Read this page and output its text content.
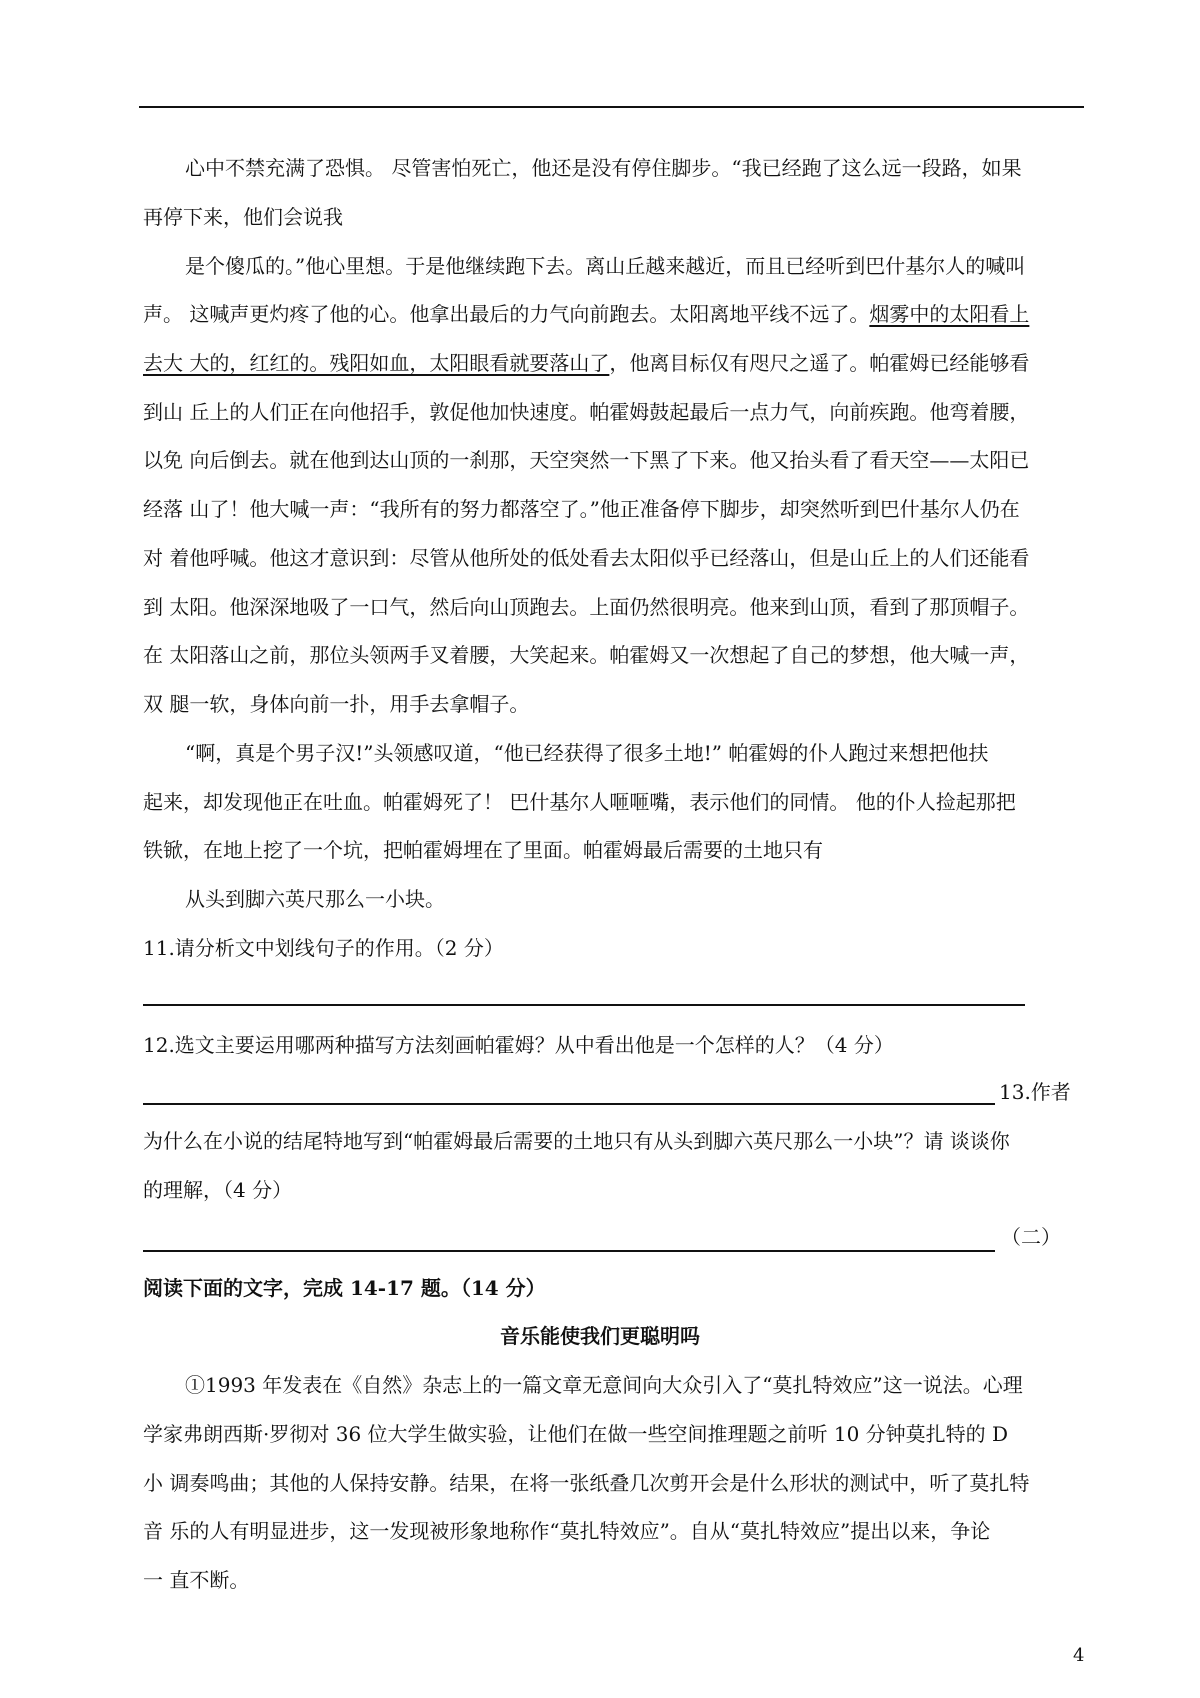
心中不禁充满了恐惧。 尽管害怕死亡，他还是没有停住脚步。“我已经跑了这么远一段路，如果
再停下来，他们会说我
是个傻瓜的。”他心里想。于是他继续跑下去。离山丘越来越近，而且已经听到巴什基尔人的喊叫
声。 这喊声更灼疼了他的心。他拿出最后的力气向前跑去。太阳离地平线不远了。烟雾中的太阳看上
去大 大的，红红的。残阳如血，太阳眼看就要落山了，他离目标仅有咫尺之遥了。帕霍姆已经能够看
到山 丘上的人们正在向他招手，敦促他加快速度。帕霍姆鼓起最后一点力气，向前疾跑。他弯着腰，
以免 向后倒去。就在他到达山顶的一刹那，天空突然一下黑了下来。他又抬头看了看天空——太阳已
经落 山了！他大喊一声：“我所有的努力都落空了。”他正准备停下脚步，却突然听到巴什基尔人仍在
对 着他呼喊。他这才意识到：尽管从他所处的低处看去太阳似乎已经落山，但是山丘上的人们还能看
到 太阳。他深深地吸了一口气，然后向山顶跑去。上面仍然很明亮。他来到山顶，看到了那顶帽子。
在 太阳落山之前，那位头领两手叉着腰，大笑起来。帕霍姆又一次想起了自己的梦想，他大喊一声，
双 腿一软，身体向前一扑，用手去拿帽子。
“啊，真是个男子汉!”头领感叹道，“他已经获得了很多土地!” 帕霍姆的仆人跑过来想把他扶
起来，却发现他正在吐血。帕霍姆死了！ 巴什基尔人咂咂嘴，表示他们的同情。 他的仆人捡起那把
铁锨，在地上挖了一个坑，把帕霍姆埋在了里面。帕霍姆最后需要的土地只有
从头到脚六英尺那么一小块。
11.请分析文中划线句子的作用。（2 分）
12.选文主要运用哪两种描写方法刻画帕霍姆？从中看出他是一个怎样的人？（4 分）
13.作者
为什么在小说的结尾特地写到“帕霍姆最后需要的土地只有从头到脚六英尺那么一小块”？请 谈谈你
的理解，（4 分）
（二）
阅读下面的文字，完成 14-17 题。（14 分）
音乐能使我们更聪明吗
①1993 年发表在《自然》杂志上的一篇文章无意间向大众引入了“莫扎特效应”这一说法。心理
学家弗朗西斯·罗彻对 36 位大学生做实验，让他们在做一些空间推理题之前听 10 分钟莫扎特的 D
小 调奏鸣曲；其他的人保持安静。结果，在将一张纸叠几次剪开会是什么形状的测试中，听了莫扎特
音 乐的人有明显进步，这一发现被形象地称作“莫扎特效应”。自从“莫扎特效应”提出以来，争论
一 直不断。
4
